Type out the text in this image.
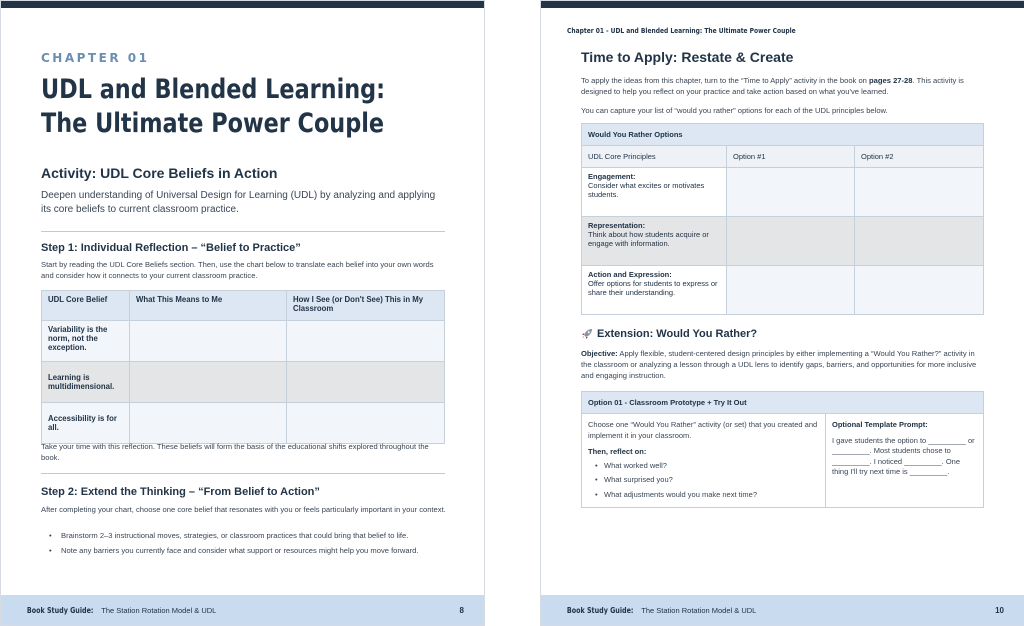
CHAPTER 01
UDL and Blended Learning: The Ultimate Power Couple
Activity: UDL Core Beliefs in Action
Deepen understanding of Universal Design for Learning (UDL) by analyzing and applying its core beliefs to current classroom practice.
Step 1: Individual Reflection – “Belief to Practice”
Start by reading the UDL Core Beliefs section. Then, use the chart below to translate each belief into your own words and consider how it connects to your current classroom practice.
UDL Core Belief	What This Means to Me	How I See (or Don't See) This in My Classroom
Variability is the norm, not the exception.		
Learning is multidimensional.		
Accessibility is for all.		
Take your time with this reflection. These beliefs will form the basis of the educational shifts explored throughout the book.
Step 2: Extend the Thinking – “From Belief to Action”
After completing your chart, choose one core belief that resonates with you or feels particularly important in your context.
• Brainstorm 2–3 instructional moves, strategies, or classroom practices that could bring that belief to life.
• Note any barriers you currently face and consider what support or resources might help you move forward.
Book Study Guide: The Station Rotation Model & UDL	8
Chapter 01 - UDL and Blended Learning: The Ultimate Power Couple
Time to Apply: Restate & Create
To apply the ideas from this chapter, turn to the “Time to Apply” activity in the book on pages 27-28. This activity is designed to help you reflect on your practice and take action based on what you've learned.
You can capture your list of “would you rather” options for each of the UDL principles below.
Would You Rather Options		
UDL Core Principles	Option #1	Option #2

Engagement:
Consider what excites or motivates students.		

Representation:
Think about how students acquire or engage with information.		

Action and Expression:
Offer options for students to express or share their understanding.		
Extension: Would You Rather?
Objective: Apply flexible, student-centered design principles by either implementing a “Would You Rather?” activity in the classroom or analyzing a lesson through a UDL lens to identify gaps, barriers, and opportunities for more inclusive and engaging instruction.
Option 01 - Classroom Prototype + Try It Out
Choose one “Would You Rather” activity (or set) that you created and implement it in your classroom.
Then, reflect on:
• What worked well?
• What surprised you?
• What adjustments would you make next time?
Optional Template Prompt:
I gave students the option to _________ or _________. Most students chose to _________. I noticed _________. One thing I'll try next time is _________.
Book Study Guide: The Station Rotation Model & UDL	10
